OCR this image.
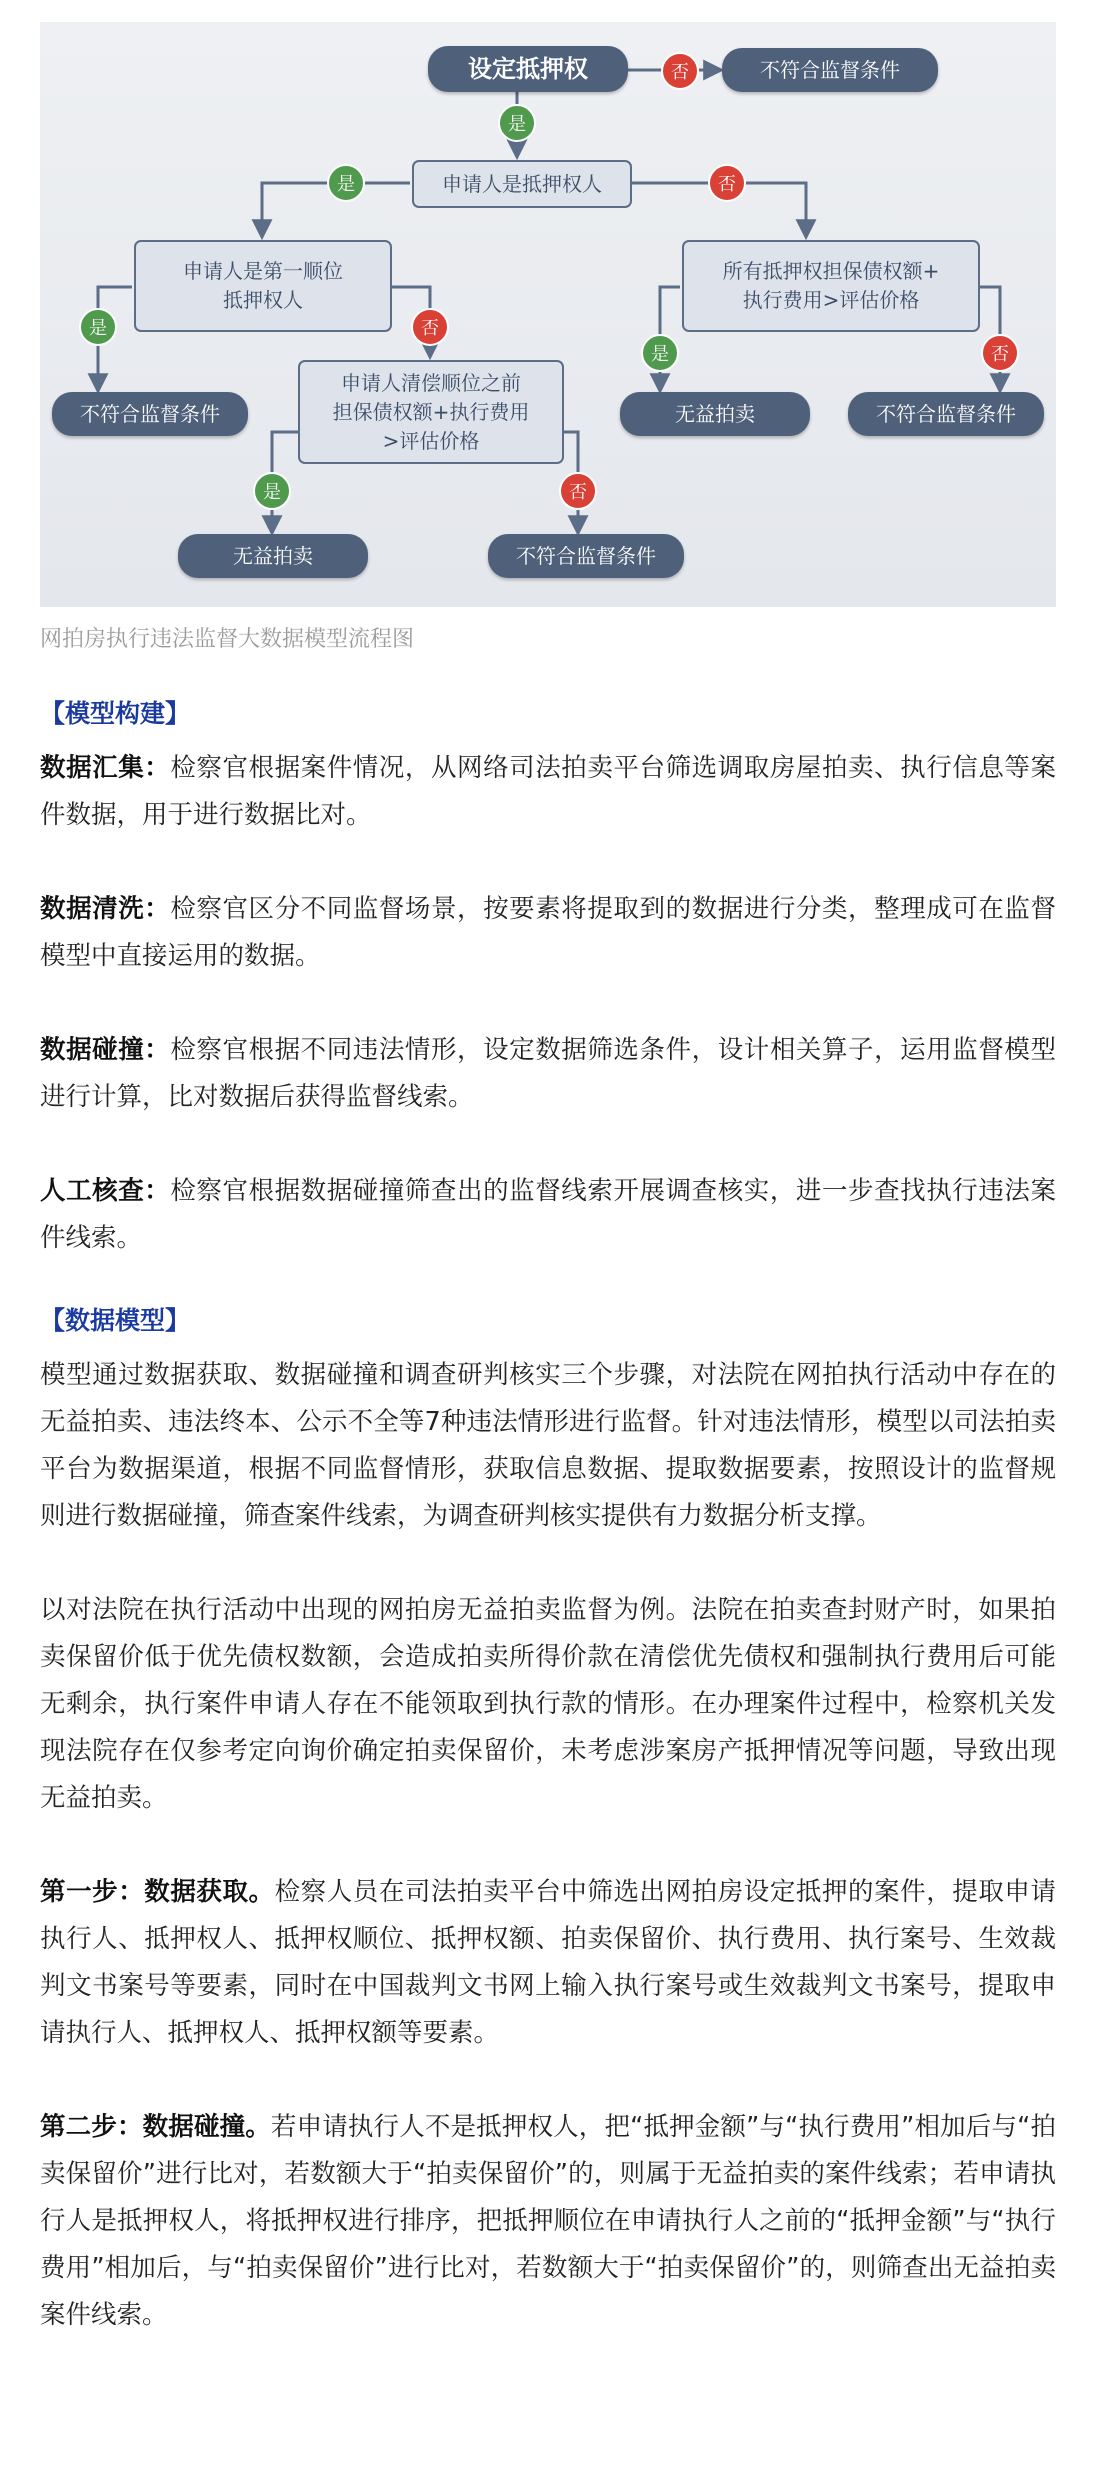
设定抵押权	不符合监督条件
申请人是抵押权人
申请人是第一顺位
抵押权人
所有抵押权担保债权额+
执行费用>评估价格
不符合监督条件
申请人清偿顺位之前
担保债权额+执行费用
>评估价格
无益拍卖	不符合监督条件
无益拍卖	不符合监督条件
否
是
是	否
是	否
是	否
是	否
网拍房执行违法监督大数据模型流程图
【模型构建】

数据汇集：检察官根据案件情况，从网络司法拍卖平台筛选调取房屋拍卖、执行信息等案件数据，用于进行数据比对。

数据清洗：检察官区分不同监督场景，按要素将提取到的数据进行分类，整理成可在监督模型中直接运用的数据。

数据碰撞：检察官根据不同违法情形，设定数据筛选条件，设计相关算子，运用监督模型进行计算，比对数据后获得监督线索。

人工核查：检察官根据数据碰撞筛查出的监督线索开展调查核实，进一步查找执行违法案件线索。

【数据模型】

模型通过数据获取、数据碰撞和调查研判核实三个步骤，对法院在网拍执行活动中存在的无益拍卖、违法终本、公示不全等7种违法情形进行监督。针对违法情形，模型以司法拍卖平台为数据渠道，根据不同监督情形，获取信息数据、提取数据要素，按照设计的监督规则进行数据碰撞，筛查案件线索，为调查研判核实提供有力数据分析支撑。

以对法院在执行活动中出现的网拍房无益拍卖监督为例。法院在拍卖查封财产时，如果拍卖保留价低于优先债权数额，会造成拍卖所得价款在清偿优先债权和强制执行费用后可能无剩余，执行案件申请人存在不能领取到执行款的情形。在办理案件过程中，检察机关发现法院存在仅参考定向询价确定拍卖保留价，未考虑涉案房产抵押情况等问题，导致出现无益拍卖。

第一步：数据获取。检察人员在司法拍卖平台中筛选出网拍房设定抵押的案件，提取申请执行人、抵押权人、抵押权顺位、抵押权额、拍卖保留价、执行费用、执行案号、生效裁判文书案号等要素，同时在中国裁判文书网上输入执行案号或生效裁判文书案号，提取申请执行人、抵押权人、抵押权额等要素。

第二步：数据碰撞。若申请执行人不是抵押权人，把“抵押金额”与“执行费用”相加后与“拍卖保留价”进行比对，若数额大于“拍卖保留价”的，则属于无益拍卖的案件线索；若申请执行人是抵押权人，将抵押权进行排序，把抵押顺位在申请执行人之前的“抵押金额”与“执行费用”相加后，与“拍卖保留价”进行比对，若数额大于“拍卖保留价”的，则筛查出无益拍卖案件线索。
